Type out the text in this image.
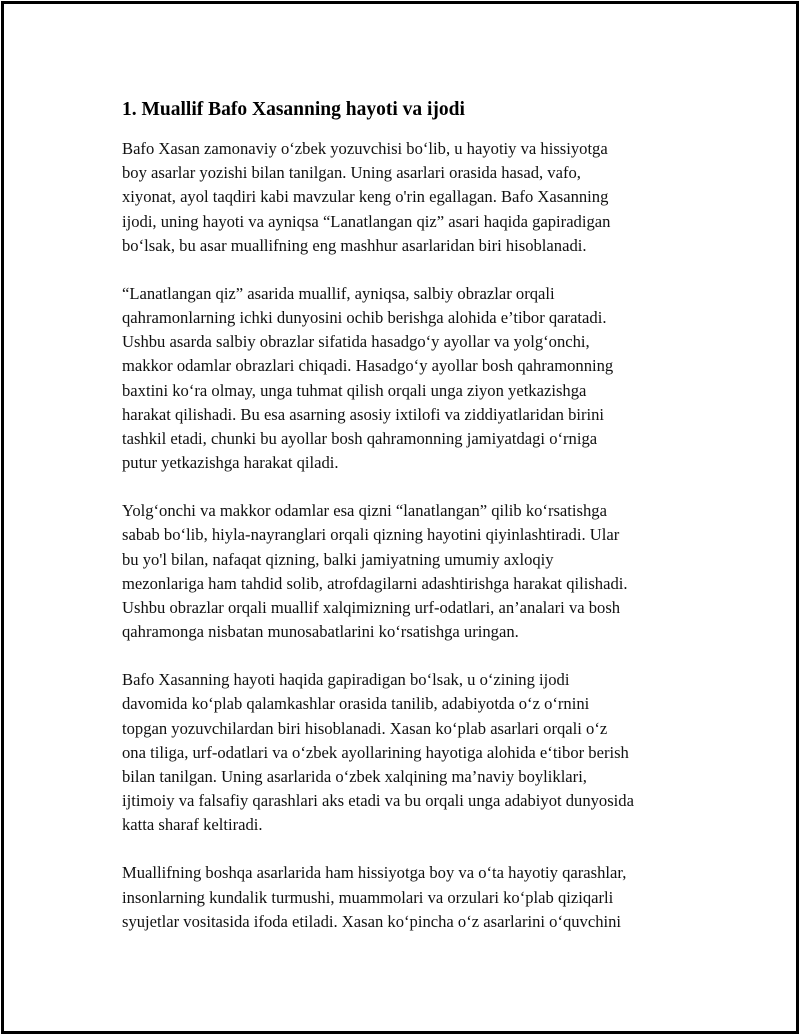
1. Muallif Bafo Xasanning hayoti va ijodi
Bafo Xasan zamonaviy o‘zbek yozuvchisi bo‘lib, u hayotiy va hissiyotga
boy asarlar yozishi bilan tanilgan. Uning asarlari orasida hasad, vafo,
xiyonat, ayol taqdiri kabi mavzular keng o'rin egallagan. Bafo Xasanning
ijodi, uning hayoti va ayniqsa “Lanatlangan qiz” asari haqida gapiradigan
bo‘lsak, bu asar muallifning eng mashhur asarlaridan biri hisoblanadi.
“Lanatlangan qiz” asarida muallif, ayniqsa, salbiy obrazlar orqali
qahramonlarning ichki dunyosini ochib berishga alohida e’tibor qaratadi.
Ushbu asarda salbiy obrazlar sifatida hasadgo‘y ayollar va yolg‘onchi,
makkor odamlar obrazlari chiqadi. Hasadgo‘y ayollar bosh qahramonning
baxtini ko‘ra olmay, unga tuhmat qilish orqali unga ziyon yetkazishga
harakat qilishadi. Bu esa asarning asosiy ixtilofi va ziddiyatlaridan birini
tashkil etadi, chunki bu ayollar bosh qahramonning jamiyatdagi o‘rniga
putur yetkazishga harakat qiladi.
Yolg‘onchi va makkor odamlar esa qizni “lanatlangan” qilib ko‘rsatishga
sabab bo‘lib, hiyla-nayranglari orqali qizning hayotini qiyinlashtiradi. Ular
bu yo'l bilan, nafaqat qizning, balki jamiyatning umumiy axloqiy
mezonlariga ham tahdid solib, atrofdagilarni adashtirishga harakat qilishadi.
Ushbu obrazlar orqali muallif xalqimizning urf-odatlari, an’analari va bosh
qahramonga nisbatan munosabatlarini ko‘rsatishga uringan.
Bafo Xasanning hayoti haqida gapiradigan bo‘lsak, u o‘zining ijodi
davomida ko‘plab qalamkashlar orasida tanilib, adabiyotda o‘z o‘rnini
topgan yozuvchilardan biri hisoblanadi. Xasan ko‘plab asarlari orqali o‘z
ona tiliga, urf-odatlari va o‘zbek ayollarining hayotiga alohida e‘tibor berish
bilan tanilgan. Uning asarlarida o‘zbek xalqining ma’naviy boyliklari,
ijtimoiy va falsafiy qarashlari aks etadi va bu orqali unga adabiyot dunyosida
katta sharaf keltiradi.
Muallifning boshqa asarlarida ham hissiyotga boy va o‘ta hayotiy qarashlar,
insonlarning kundalik turmushi, muammolari va orzulari ko‘plab qiziqarli
syujetlar vositasida ifoda etiladi. Xasan ko‘pincha o‘z asarlarini o‘quvchini
